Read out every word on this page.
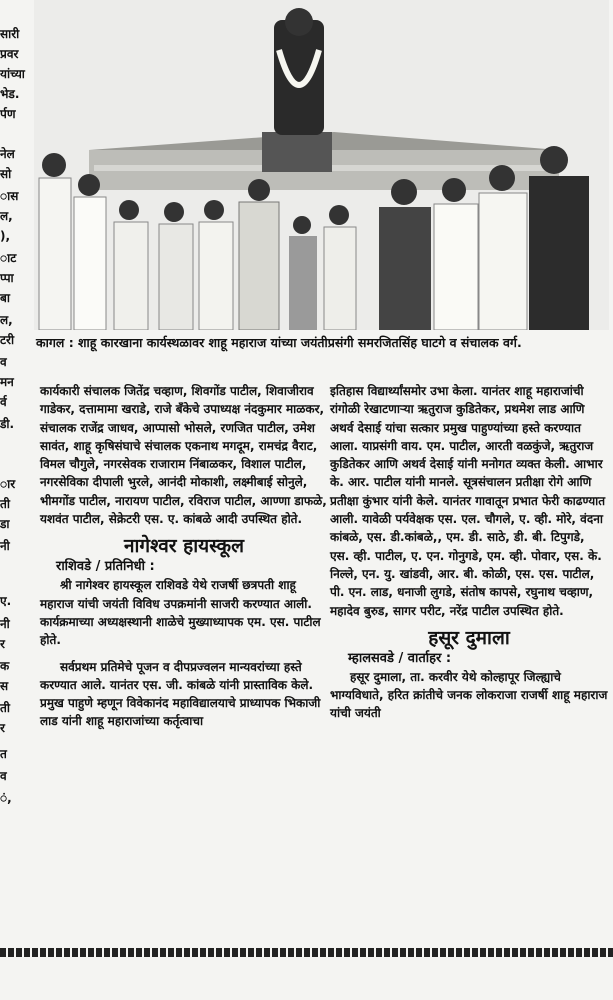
सारी
प्रवर
यांच्या
भेड.
र्पण
नेल
सो
ास
ल,
),
ाट
प्पा
बा
ल,
टरी
व
मन
र्व
डी.
ार
ती
डा
नी
ए.
नी
र
क
स
ती
र
त
व
ं,
कागल : शाहू कारखाना कार्यस्थळावर शाहू महाराज यांच्या जयंतीप्रसंगी समरजितसिंह घाटगे व संचालक वर्ग.

कार्यकारी संचालक जितेंद्र चव्हाण, शिवगोंड पाटील, शिवाजीराव गाडेकर, दत्तामामा खराडे, राजे बँकेचे उपाध्यक्ष नंदकुमार माळकर, संचालक राजेंद्र जाधव, आप्पासो भोसले, रणजित पाटील, उमेश सावंत, शाहू कृषिसंघाचे संचालक एकनाथ मगदूम, रामचंद्र वैराट, विमल चौगुले, नगरसेवक राजाराम निंबाळकर, विशाल पाटील, नगरसेविका दीपाली भुरले, आनंदी मोकाशी, लक्ष्मीबाई सोनुले, भीमगोंड पाटील, नारायण पाटील, रविराज पाटील, आण्णा डाफळे, यशवंत पाटील, सेक्रेटरी एस. ए. कांबळे आदी उपस्थित होते.

नागेश्वर हायस्कूल
राशिवडे / प्रतिनिधी :

श्री नागेश्वर हायस्कूल राशिवडे येथे राजर्षी छत्रपती शाहू महाराज यांची जयंती विविध उपक्रमांनी साजरी करण्यात आली. कार्यक्रमाच्या अध्यक्षस्थानी शाळेचे मुख्याध्यापक एम. एस. पाटील होते.

सर्वप्रथम प्रतिमेचे पूजन व दीपप्रज्वलन मान्यवरांच्या हस्ते करण्यात आले. यानंतर एस. जी. कांबळे यांनी प्रास्ताविक केले. प्रमुख पाहुणे म्हणून विवेकानंद महाविद्यालयाचे प्राध्यापक भिकाजी लाड यांनी शाहू महाराजांच्या कर्तृत्वाचा

इतिहास विद्यार्थ्यांसमोर उभा केला. यानंतर शाहू महाराजांची रांगोळी रेखाटणाऱ्या ऋतुराज कुडितेकर, प्रथमेश लाड आणि अथर्व देसाई यांचा सत्कार प्रमुख पाहुण्यांच्या हस्ते करण्यात आला. याप्रसंगी वाय. एम. पाटील, आरती वळकुंजे, ऋतुराज कुडितेकर आणि अथर्व देसाई यांनी मनोगत व्यक्त केली. आभार के. आर. पाटील यांनी मानले. सूत्रसंचालन प्रतीक्षा रोगे आणि प्रतीक्षा कुंभार यांनी केले. यानंतर गावातून प्रभात फेरी काढण्यात आली. यावेळी पर्यवेक्षक एस. एल. चौगले, ए. व्ही. मोरे, वंदना कांबळे, एस. डी.कांबळे,, एम. डी. साठे, डी. बी. टिपुगडे, एस. व्ही. पाटील, ए. एन. गोनुगडे, एम. व्ही. पोवार, एस. के. निल्ले, एन. यु. खांडवी, आर. बी. कोळी, एस. एस. पाटील, पी. एन. लाड, धनाजी लुगडे, संतोष कापसे, रघुनाथ चव्हाण, महादेव बुरुड, सागर परीट, नरेंद्र पाटील उपस्थित होते.

हसूर दुमाला
म्हालसवडे / वार्ताहर :

हसूर दुमाला, ता. करवीर येथे कोल्हापूर जिल्ह्याचे भाग्यविधाते, हरित क्रांतीचे जनक लोकराजा राजर्षी शाहू महाराज यांची जयंती
